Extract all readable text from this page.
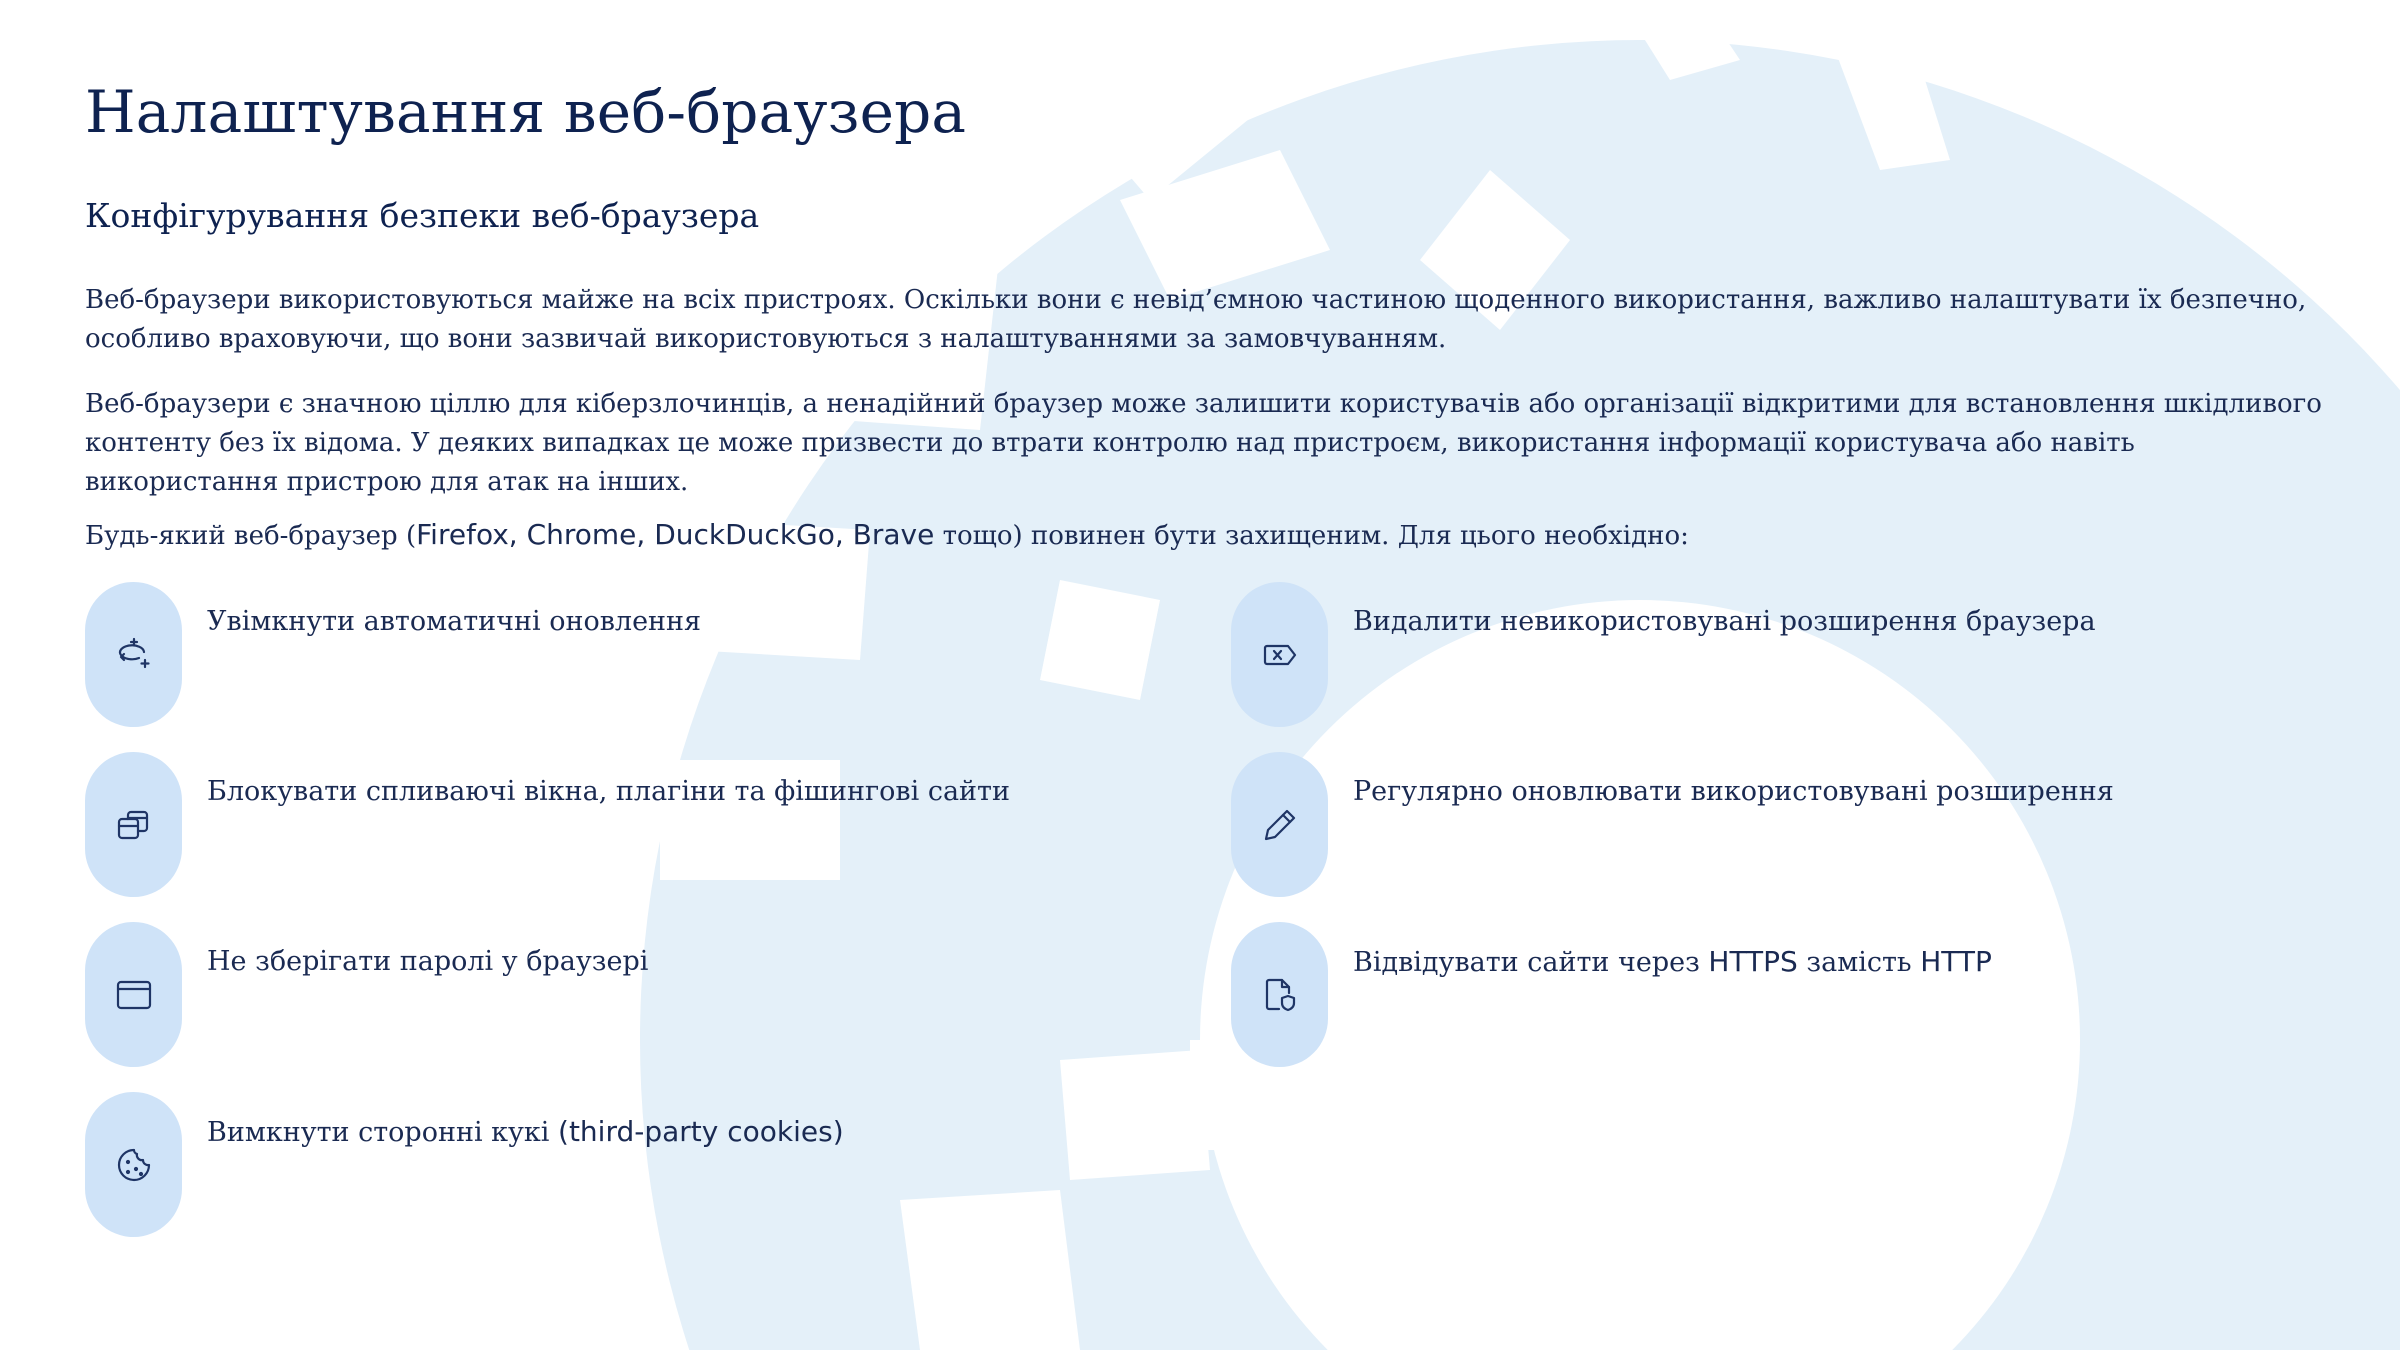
Налаштування веб-браузера
Конфігурування безпеки веб-браузера

Веб-браузери використовуються майже на всіх пристроях. Оскільки вони є невід’ємною частиною щоденного використання, важливо налаштувати їх безпечно, особливо враховуючи, що вони зазвичай використовуються з налаштуваннями за замовчуванням.

Веб-браузери є значною ціллю для кіберзлочинців, а ненадійний браузер може залишити користувачів або організації відкритими для встановлення шкідливого контенту без їх відома. У деяких випадках це може призвести до втрати контролю над пристроєм, використання інформації користувача або навіть використання пристрою для атак на інших.

Будь-який веб-браузер (Firefox, Chrome, DuckDuckGo, Brave тощо) повинен бути захищеним. Для цього необхідно:

Увімкнути автоматичні оновлення
Блокувати спливаючі вікна, плагіни та фішингові сайти
Не зберігати паролі у браузері
Вимкнути сторонні кукі (third-party cookies)
Видалити невикористовувані розширення браузера
Регулярно оновлювати використовувані розширення
Відвідувати сайти через HTTPS замість HTTP
